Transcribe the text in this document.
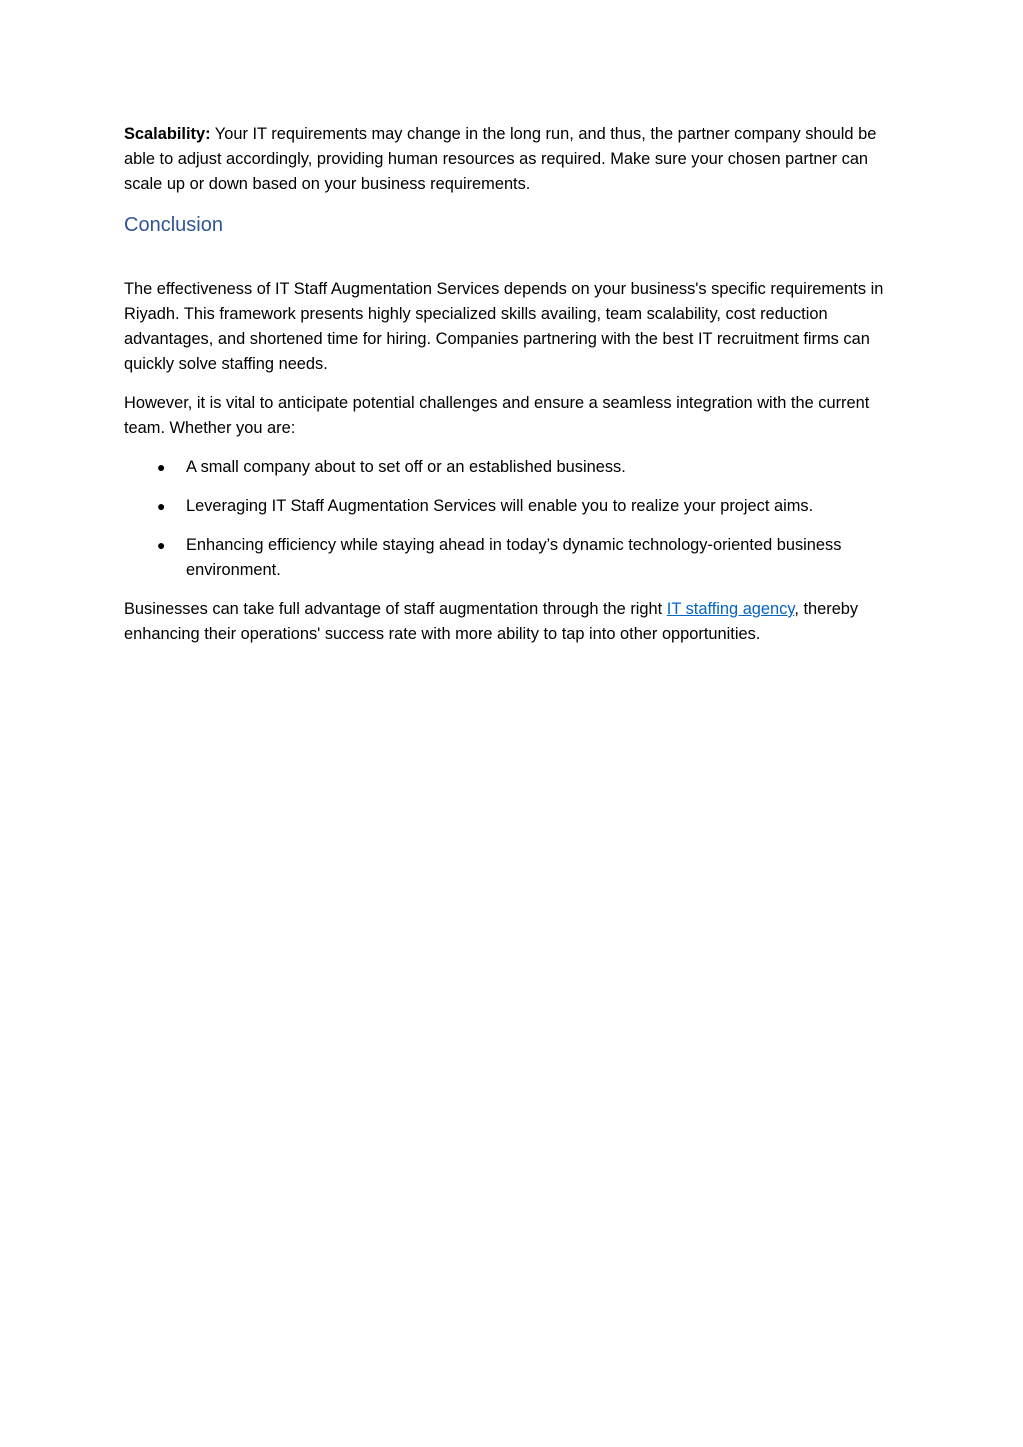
Scalability: Your IT requirements may change in the long run, and thus, the partner company should be able to adjust accordingly, providing human resources as required. Make sure your chosen partner can scale up or down based on your business requirements.

Conclusion

The effectiveness of IT Staff Augmentation Services depends on your business's specific requirements in Riyadh. This framework presents highly specialized skills availing, team scalability, cost reduction advantages, and shortened time for hiring. Companies partnering with the best IT recruitment firms can quickly solve staffing needs.

However, it is vital to anticipate potential challenges and ensure a seamless integration with the current team. Whether you are:

● A small company about to set off or an established business.
● Leveraging IT Staff Augmentation Services will enable you to realize your project aims.
● Enhancing efficiency while staying ahead in today’s dynamic technology-oriented business environment.

Businesses can take full advantage of staff augmentation through the right IT staffing agency, thereby enhancing their operations' success rate with more ability to tap into other opportunities.
